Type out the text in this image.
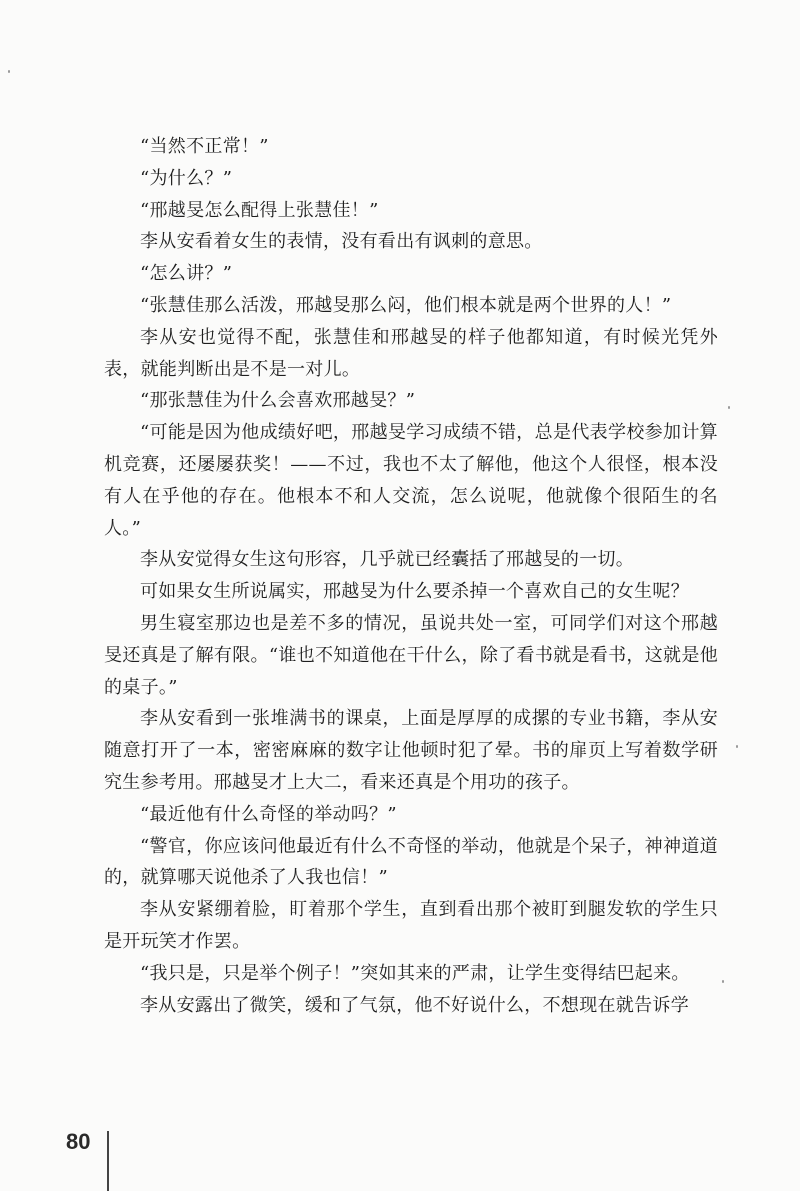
“当然不正常！”

“为什么？”

“邢越旻怎么配得上张慧佳！”

李从安看着女生的表情，没有看出有讽刺的意思。

“怎么讲？”

“张慧佳那么活泼，邢越旻那么闷，他们根本就是两个世界的人！”

李从安也觉得不配，张慧佳和邢越旻的样子他都知道，有时候光凭外表，就能判断出是不是一对儿。

“那张慧佳为什么会喜欢邢越旻？”

“可能是因为他成绩好吧，邢越旻学习成绩不错，总是代表学校参加计算机竞赛，还屡屡获奖！——不过，我也不太了解他，他这个人很怪，根本没有人在乎他的存在。他根本不和人交流，怎么说呢，他就像个很陌生的名人。”

李从安觉得女生这句形容，几乎就已经囊括了邢越旻的一切。

可如果女生所说属实，邢越旻为什么要杀掉一个喜欢自己的女生呢？

男生寝室那边也是差不多的情况，虽说共处一室，可同学们对这个邢越旻还真是了解有限。“谁也不知道他在干什么，除了看书就是看书，这就是他的桌子。”

李从安看到一张堆满书的课桌，上面是厚厚的成摞的专业书籍，李从安随意打开了一本，密密麻麻的数字让他顿时犯了晕。书的扉页上写着数学研究生参考用。邢越旻才上大二，看来还真是个用功的孩子。

“最近他有什么奇怪的举动吗？”

“警官，你应该问他最近有什么不奇怪的举动，他就是个呆子，神神道道的，就算哪天说他杀了人我也信！”

李从安紧绷着脸，盯着那个学生，直到看出那个被盯到腿发软的学生只是开玩笑才作罢。

“我只是，只是举个例子！”突如其来的严肃，让学生变得结巴起来。

李从安露出了微笑，缓和了气氛，他不好说什么，不想现在就告诉学

80
